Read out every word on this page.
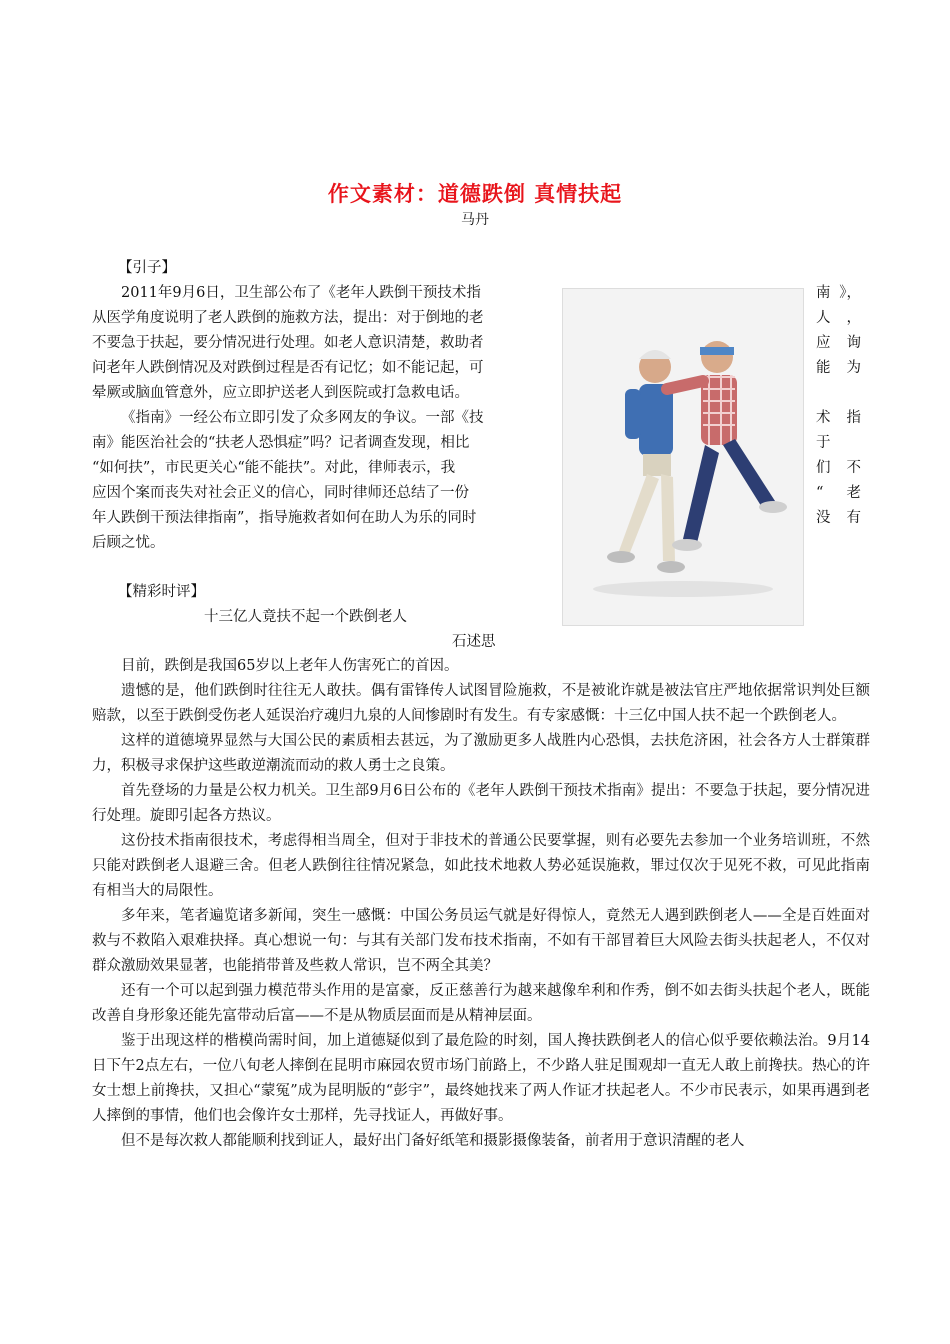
作文素材：道德跌倒 真情扶起
马丹
【引子】
2011年9月6日，卫生部公布了《老年人跌倒干预技术指
从医学角度说明了老人跌倒的施救方法，提出：对于倒地的老
不要急于扶起，要分情况进行处理。如老人意识清楚，救助者
问老年人跌倒情况及对跌倒过程是否有记忆；如不能记起，可
晕厥或脑血管意外，应立即护送老人到医院或打急救电话。
《指南》一经公布立即引发了众多网友的争议。一部《技
南》能医治社会的“扶老人恐惧症”吗？记者调查发现，相比
“如何扶”，市民更关心“能不能扶”。对此，律师表示，我
应因个案而丧失对社会正义的信心，同时律师还总结了一份
年人跌倒干预法律指南”，指导施救者如何在助人为乐的同时
后顾之忧。
南 》，
人 ，
应 询
能 为
术 指
于
们 不
“ 老
没 有
【精彩时评】
十三亿人竟扶不起一个跌倒老人
石述思

目前，跌倒是我国65岁以上老年人伤害死亡的首因。

遗憾的是，他们跌倒时往往无人敢扶。偶有雷锋传人试图冒险施救，不是被讹诈就是被法官庄严地依据常识判处巨额赔款，以至于跌倒受伤老人延误治疗魂归九泉的人间惨剧时有发生。有专家感慨：十三亿中国人扶不起一个跌倒老人。

这样的道德境界显然与大国公民的素质相去甚远，为了激励更多人战胜内心恐惧，去扶危济困，社会各方人士群策群力，积极寻求保护这些敢逆潮流而动的救人勇士之良策。

首先登场的力量是公权力机关。卫生部9月6日公布的《老年人跌倒干预技术指南》提出：不要急于扶起，要分情况进行处理。旋即引起各方热议。

这份技术指南很技术，考虑得相当周全，但对于非技术的普通公民要掌握，则有必要先去参加一个业务培训班，不然只能对跌倒老人退避三舍。但老人跌倒往往情况紧急，如此技术地救人势必延误施救，罪过仅次于见死不救，可见此指南有相当大的局限性。

多年来，笔者遍览诸多新闻，突生一感慨：中国公务员运气就是好得惊人，竟然无人遇到跌倒老人——全是百姓面对救与不救陷入艰难抉择。真心想说一句：与其有关部门发布技术指南，不如有干部冒着巨大风险去街头扶起老人，不仅对群众激励效果显著，也能捎带普及些救人常识，岂不两全其美？

还有一个可以起到强力模范带头作用的是富豪，反正慈善行为越来越像牟利和作秀，倒不如去街头扶起个老人，既能改善自身形象还能先富带动后富——不是从物质层面而是从精神层面。

鉴于出现这样的楷模尚需时间，加上道德疑似到了最危险的时刻，国人搀扶跌倒老人的信心似乎要依赖法治。9月14日下午2点左右，一位八旬老人摔倒在昆明市麻园农贸市场门前路上，不少路人驻足围观却一直无人敢上前搀扶。热心的许女士想上前搀扶，又担心“蒙冤”成为昆明版的“彭宇”，最终她找来了两人作证才扶起老人。不少市民表示，如果再遇到老人摔倒的事情，他们也会像许女士那样，先寻找证人，再做好事。

但不是每次救人都能顺利找到证人，最好出门备好纸笔和摄影摄像装备，前者用于意识清醒的老人
